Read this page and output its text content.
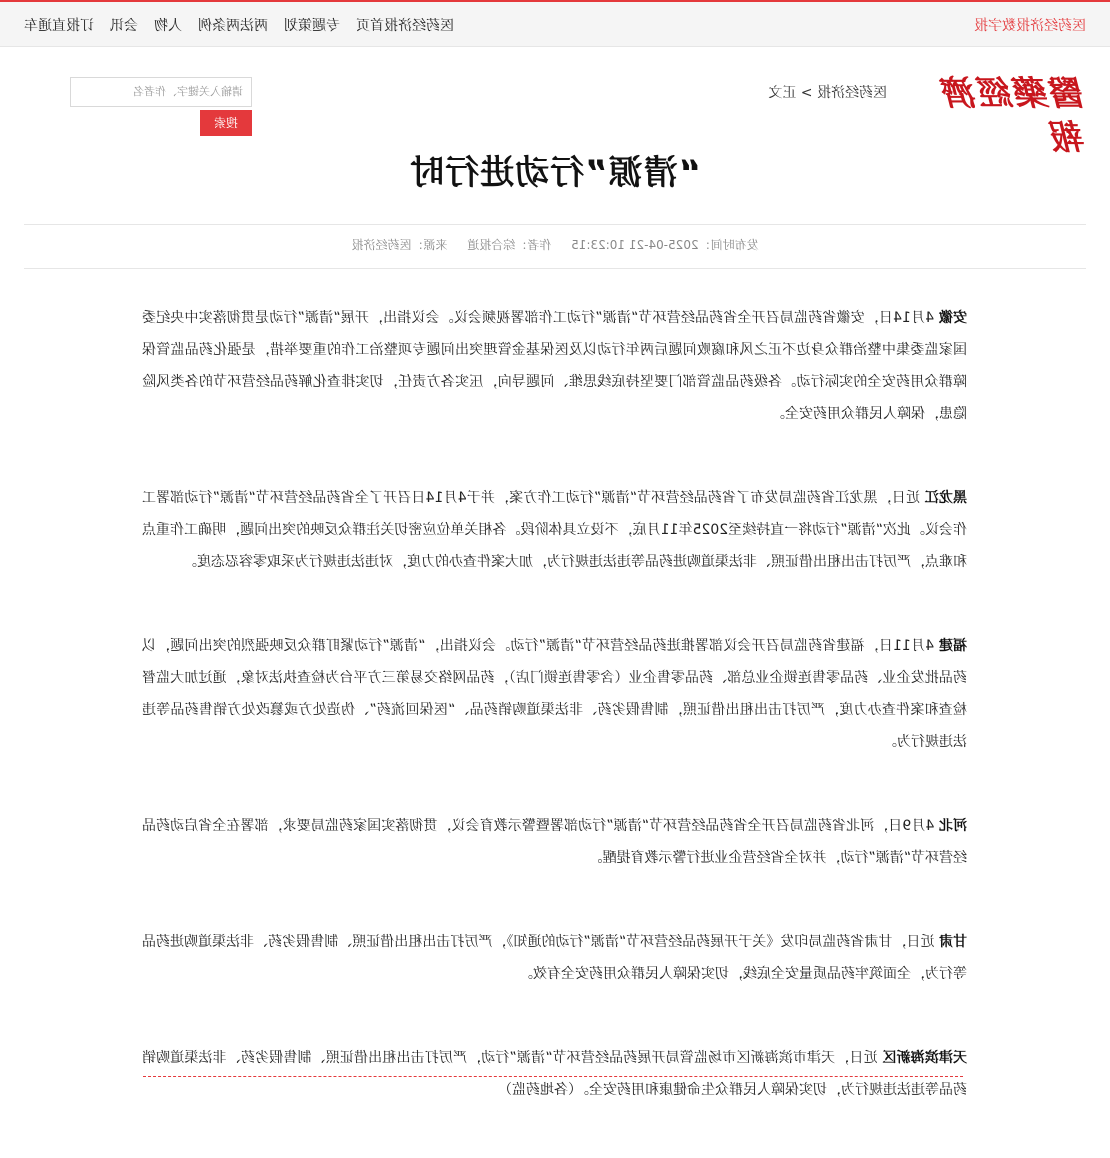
医药经济报数字报
医药经济报首页
专题策划
两法两条例
人物
会讯
订报直通车
醫藥經濟報
医药经济报 > 正文
请输入关键字、作者名
搜索
“清源”行动进行时
发布时间：2025-04-21 10:23:15 作者：综合报道 来源：医药经济报

安徽 4月14日，安徽省药监局召开全省药品经营环节“清源”行动工作部署视频会议。会议指出，开展“清源”行动是贯彻落实中央纪委国家监委集中整治群众身边不正之风和腐败问题后两年行动以及医保基金管理突出问题专项整治工作的重要举措，是强化药品监管保障群众用药安全的实际行动。各级药品监管部门要坚持底线思维、问题导向，压实各方责任，切实排查化解药品经营环节的各类风险隐患，保障人民群众用药安全。

黑龙江 近日，黑龙江省药监局发布了省药品经营环节“清源”行动工作方案，并于4月14日召开了全省药品经营环节“清源”行动部署工作会议。此次“清源”行动将一直持续至2025年11月底，不设立具体阶段。各相关单位应密切关注群众反映的突出问题，明确工作重点和难点，严厉打击出租出借证照、非法渠道购进药品等违法违规行为，加大案件查办的力度，对违法违规行为采取零容忍态度。

福建 4月11日，福建省药监局召开会议部署推进药品经营环节“清源”行动。会议指出，“清源”行动紧盯群众反映强烈的突出问题，以药品批发企业、药品零售连锁企业总部、药品零售企业（含零售连锁门店），药品网络交易第三方平台为检查执法对象，通过加大监督检查和案件查办力度，严厉打击出租出借证照，制售假劣药、非法渠道购销药品、“医保回流药”、伪造处方或篡改处方销售药品等违法违规行为。

河北 4月9日，河北省药监局召开全省药品经营环节“清源”行动部署暨警示教育会议，贯彻落实国家药监局要求，部署在全省启动药品经营环节“清源”行动，并对全省经营企业进行警示教育提醒。

甘肃 近日，甘肃省药监局印发《关于开展药品经营环节“清源”行动的通知》，严厉打击出租出借证照、制售假劣药、非法渠道购进药品等行为，全面筑牢药品质量安全底线，切实保障人民群众用药安全有效。

天津滨海新区 近日，天津市滨海新区市场监管局开展药品经营环节“清源”行动，严厉打击出租出借证照、制售假劣药、非法渠道购销药品等违法违规行为，切实保障人民群众生命健康和用药安全。（各地药监）
